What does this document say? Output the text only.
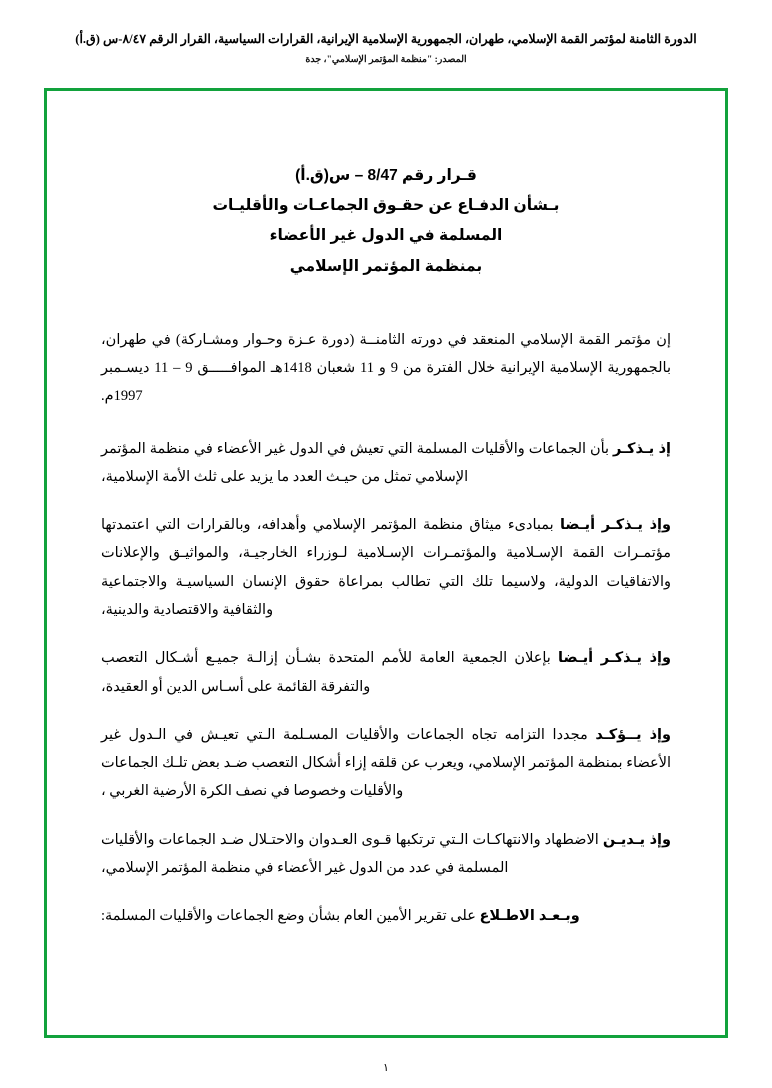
الدورة الثامنة لمؤتمر القمة الإسلامي، طهران، الجمهورية الإسلامية الإيرانية، القرارات السياسية، القرار الرقم ٨/٤٧-س (ق.أ)
المصدر: "منظمة المؤتمر الإسلامي"، جدة
قـرار رقم 8/47 – س(ق.أ)
بـشأن الدفـاع عن حقـوق الجماعـات والأقليـات
المسلمة في الدول غير الأعضاء
بمنظمة المؤتمر الإسلامي

إن مؤتمر القمة الإسلامي المنعقد في دورته الثامنــة (دورة عـزة وحـوار ومشـاركة) في طهران، بالجمهورية الإسلامية الإيرانية خلال الفترة من 9 و 11 شعبان 1418هـ الموافـــــق 9 – 11 ديسـمبر 1997م.

إذ يـذكـر بأن الجماعات والأقليات المسلمة التي تعيش في الدول غير الأعضاء في منظمة المؤتمر الإسلامي تمثل من حيـث العدد ما يزيد على ثلث الأمة الإسلامية،

وإذ يـذكـر أيـضا بمبادىء ميثاق منظمة المؤتمر الإسلامي وأهدافه، وبالقرارات التي اعتمدتها مؤتمـرات القمة الإسـلامية والمؤتمـرات الإسـلامية لـوزراء الخارجيـة، والمواثيـق والإعلانات والاتفاقيات الدولية، ولاسيما تلك التي تطالب بمراعاة حقوق الإنسان السياسيـة والاجتماعية والثقافية والاقتصادية والدينية،

وإذ يـذكـر أيـضا بإعلان الجمعية العامة للأمم المتحدة بشـأن إزالـة جميـع أشـكال التعصب والتفرقة القائمة على أسـاس الدين أو العقيدة،

وإذ يــؤكـد مجددا التزامه تجاه الجماعات والأقليات المسـلمة الـتي تعيـش في الـدول غير الأعضاء بمنظمة المؤتمر الإسلامي، ويعرب عن قلقه إزاء أشكال التعصب ضـد بعض تلـك الجماعات والأقليات وخصوصا في نصف الكرة الأرضية الغربي ،

وإذ يـديـن الاضطهاد والانتهاكـات الـتي ترتكبها قـوى العـدوان والاحتـلال ضـد الجماعات والأقليات المسلمة في عدد من الدول غير الأعضاء في منظمة المؤتمر الإسلامي،

وبـعـد الاطـلاع على تقرير الأمين العام بشأن وضع الجماعات والأقليات المسلمة:

١
